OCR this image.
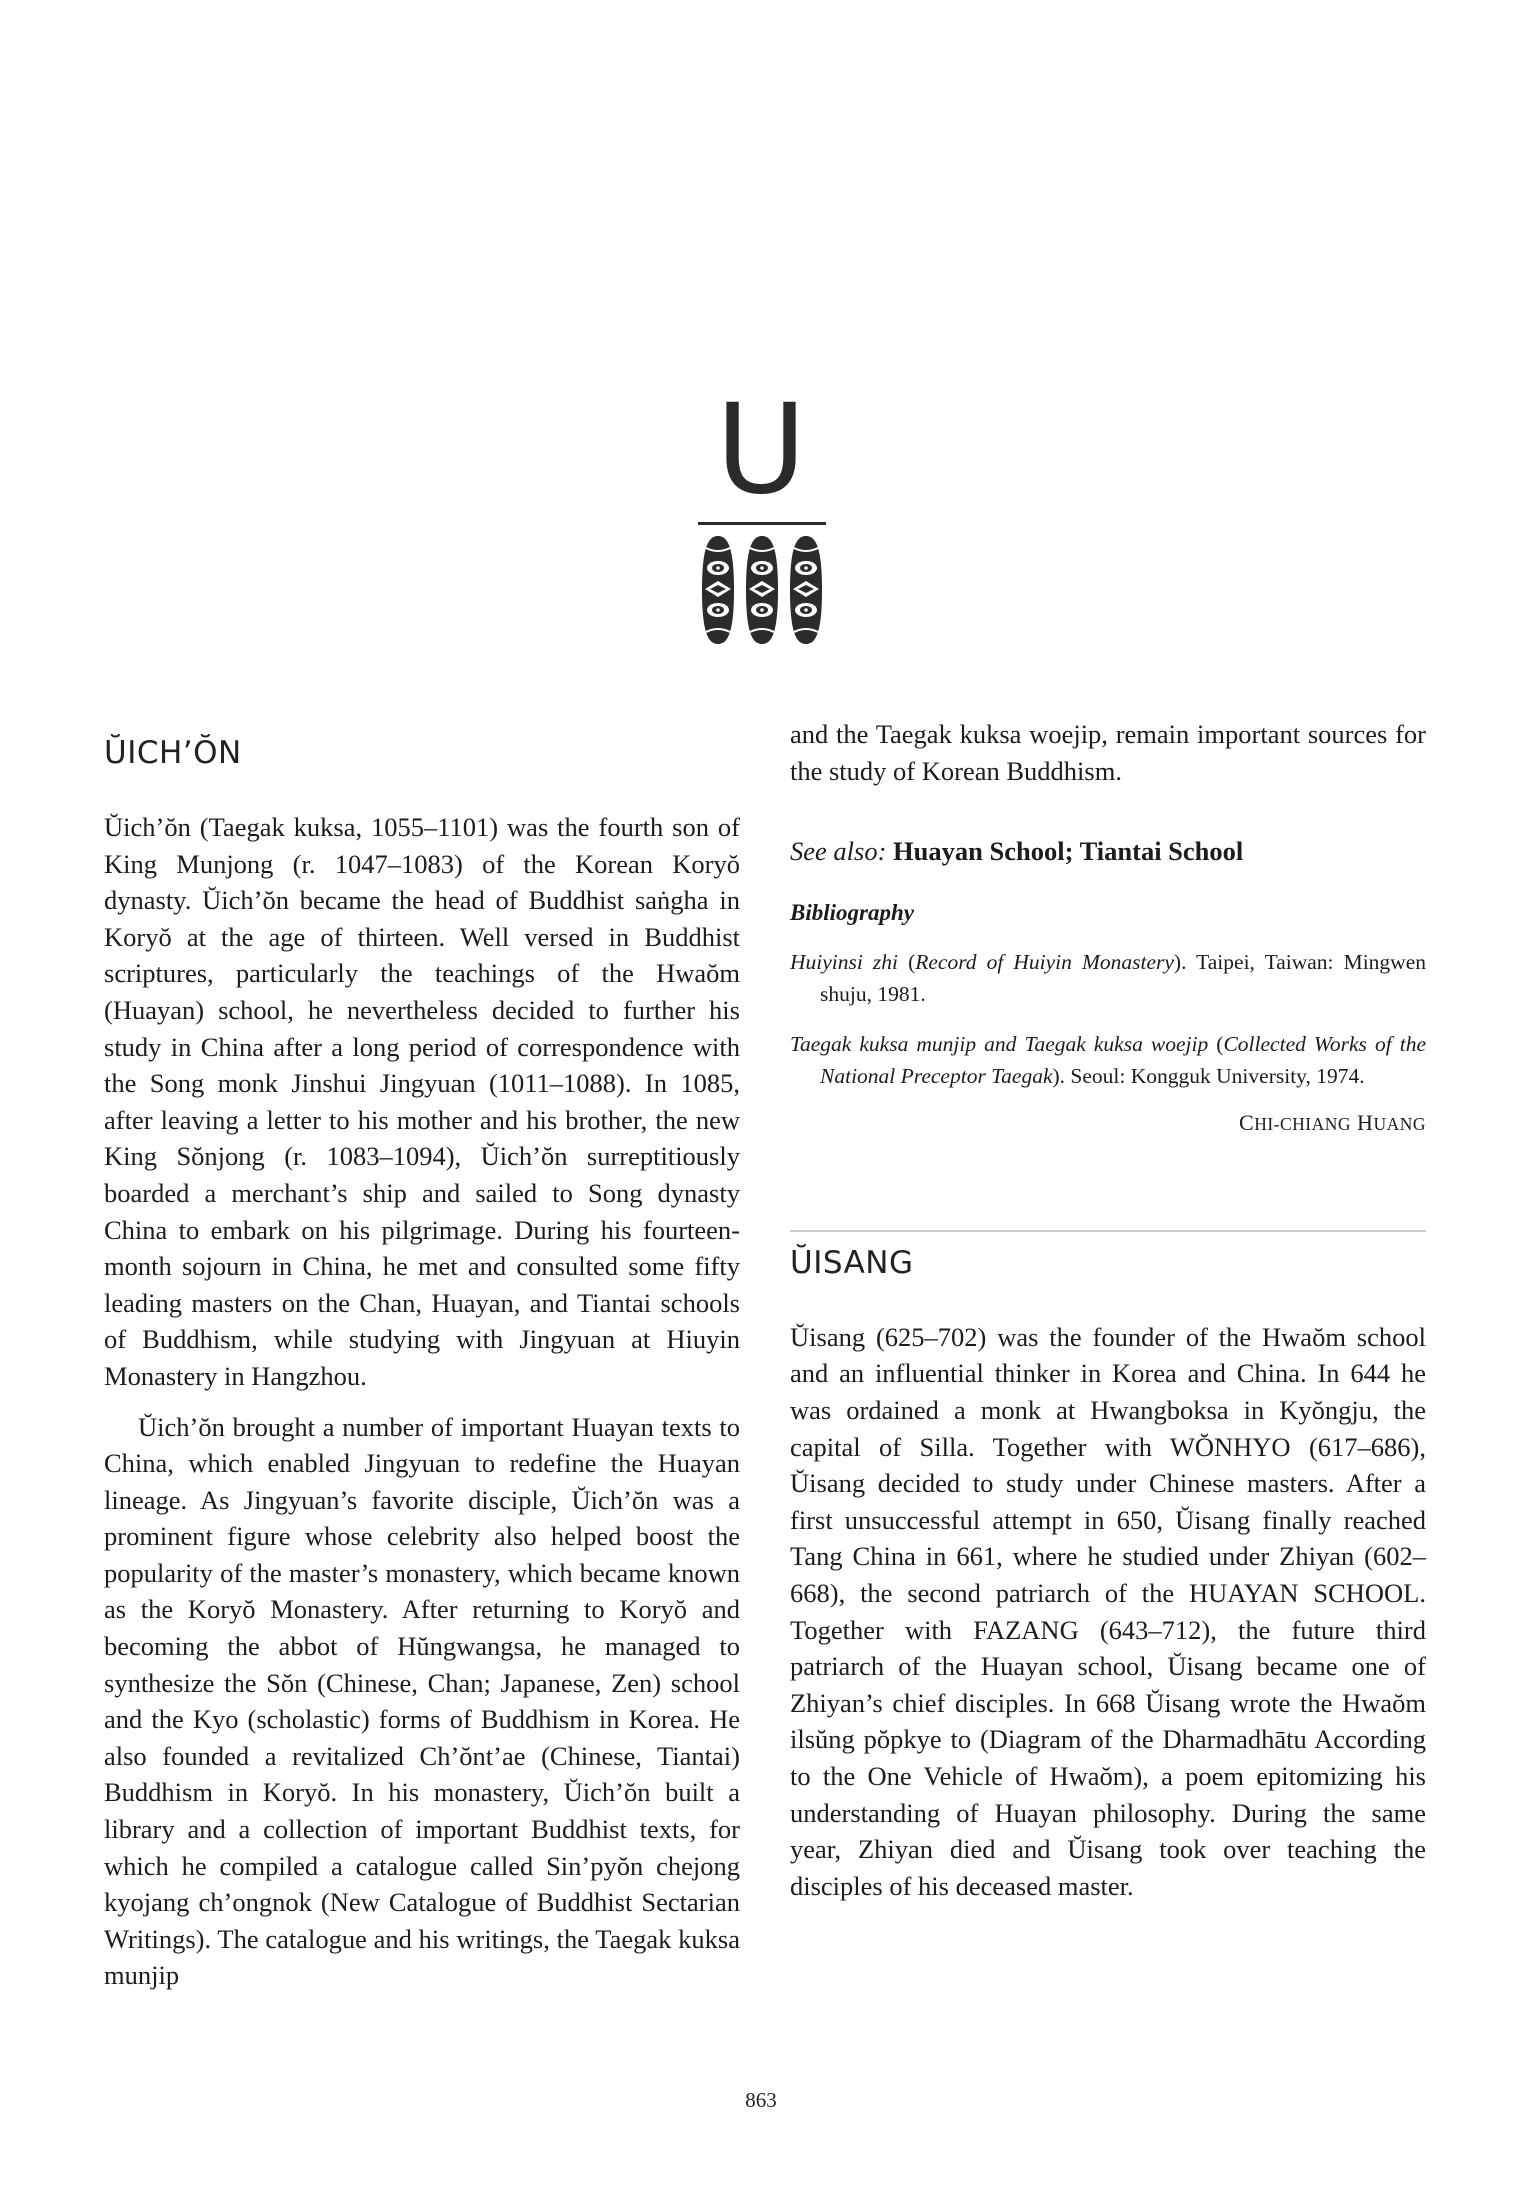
U
ŬICH’ŎN

Ŭich’ŏn (Taegak kuksa, 1055–1101) was the fourth son of King Munjong (r. 1047–1083) of the Korean Koryŏ dynasty. Ŭich’ŏn became the head of Buddhist saṅgha in Koryŏ at the age of thirteen. Well versed in Buddhist scriptures, particularly the teachings of the Hwaŏm (Huayan) school, he nevertheless decided to further his study in China after a long period of correspondence with the Song monk Jinshui Jingyuan (1011–1088). In 1085, after leaving a letter to his mother and his brother, the new King Sŏnjong (r. 1083–1094), Ŭich’ŏn surreptitiously boarded a merchant’s ship and sailed to Song dynasty China to embark on his pilgrimage. During his fourteen-month sojourn in China, he met and consulted some fifty leading masters on the Chan, Huayan, and Tiantai schools of Buddhism, while studying with Jingyuan at Hiuyin Monastery in Hangzhou.

Ŭich’ŏn brought a number of important Huayan texts to China, which enabled Jingyuan to redefine the Huayan lineage. As Jingyuan’s favorite disciple, Ŭich’ŏn was a prominent figure whose celebrity also helped boost the popularity of the master’s monastery, which became known as the Koryŏ Monastery. After returning to Koryŏ and becoming the abbot of Hŭngwangsa, he managed to synthesize the Sŏn (Chinese, Chan; Japanese, Zen) school and the Kyo (scholastic) forms of Buddhism in Korea. He also founded a revitalized Ch’ŏnt’ae (Chinese, Tiantai) Buddhism in Koryŏ. In his monastery, Ŭich’ŏn built a library and a collection of important Buddhist texts, for which he compiled a catalogue called Sin’pyŏn chejong kyojang ch’ongnok (New Catalogue of Buddhist Sectarian Writings). The catalogue and his writings, the Taegak kuksa munjip

and the Taegak kuksa woejip, remain important sources for the study of Korean Buddhism.

See also: Huayan School; Tiantai School
Bibliography

Huiyinsi zhi (Record of Huiyin Monastery). Taipei, Taiwan: Mingwen shuju, 1981.

Taegak kuksa munjip and Taegak kuksa woejip (Collected Works of the National Preceptor Taegak). Seoul: Kongguk University, 1974.

CHI-CHIANG HUANG
ŬISANG

Ŭisang (625–702) was the founder of the Hwaŏm school and an influential thinker in Korea and China. In 644 he was ordained a monk at Hwangboksa in Kyŏngju, the capital of Silla. Together with WŎNHYO (617–686), Ŭisang decided to study under Chinese masters. After a first unsuccessful attempt in 650, Ŭisang finally reached Tang China in 661, where he studied under Zhiyan (602–668), the second patriarch of the HUAYAN SCHOOL. Together with FAZANG (643–712), the future third patriarch of the Huayan school, Ŭisang became one of Zhiyan’s chief disciples. In 668 Ŭisang wrote the Hwaŏm ilsŭng pŏpkye to (Diagram of the Dharmadhātu According to the One Vehicle of Hwaŏm), a poem epitomizing his understanding of Huayan philosophy. During the same year, Zhiyan died and Ŭisang took over teaching the disciples of his deceased master.

863
